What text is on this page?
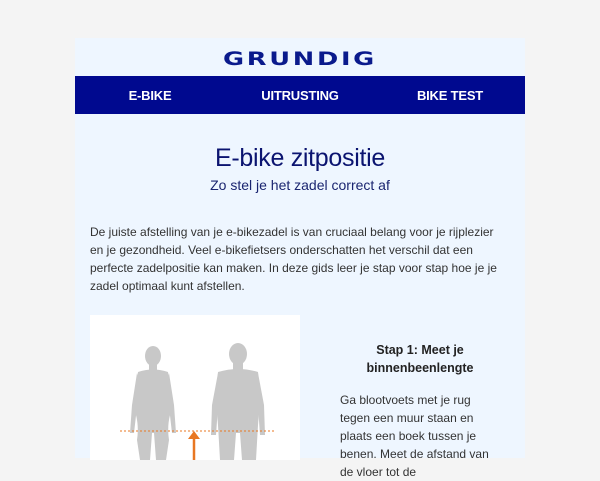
GRUNDIG
E-BIKE	UITRUSTING	BIKE TEST
E-bike zitpositie
Zo stel je het zadel correct af

De juiste afstelling van je e-bikezadel is van cruciaal belang voor je rijplezier en je gezondheid. Veel e-bikefietsers onderschatten het verschil dat een perfecte zadelpositie kan maken. In deze gids leer je stap voor stap hoe je je zadel optimaal kunt afstellen.

Stap 1: Meet je binnenbeenlengte
Ga blootvoets met je rug tegen een muur staan en plaats een boek tussen je benen. Meet de afstand van de vloer tot de
